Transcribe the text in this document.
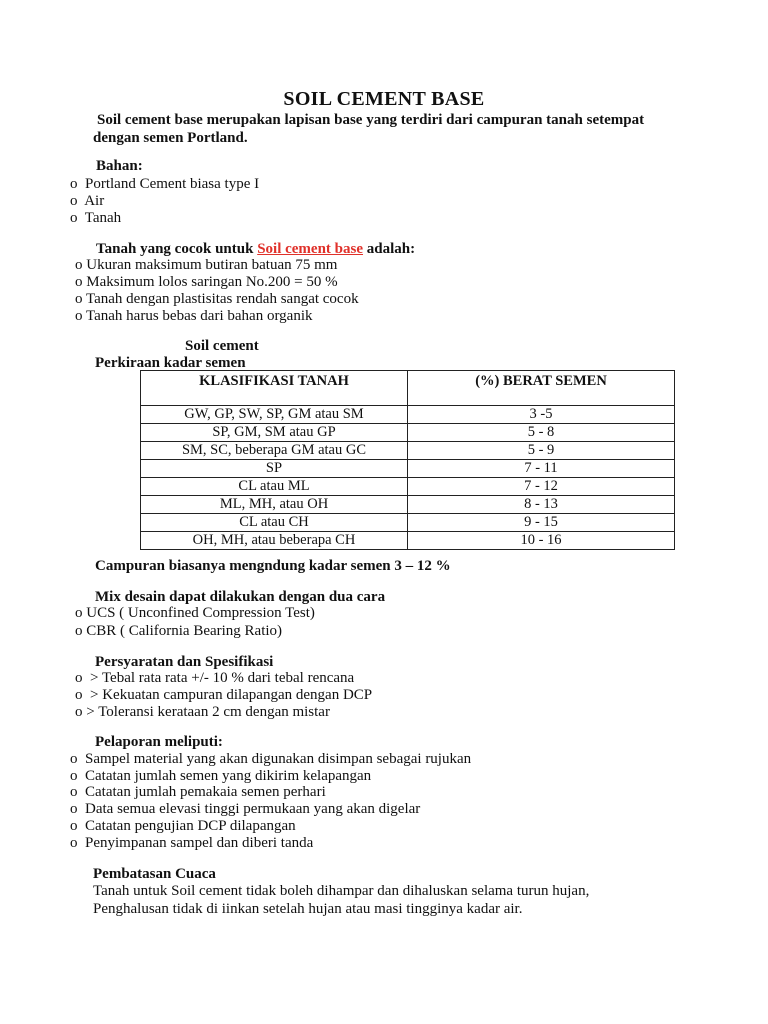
SOIL CEMENT BASE
Soil cement base merupakan lapisan base yang terdiri dari campuran tanah setempat
dengan semen Portland.
Bahan:
o Portland Cement biasa type I
o Air
o Tanah
Tanah yang cocok untuk Soil cement base adalah:
o Ukuran maksimum butiran batuan 75 mm
o Maksimum lolos saringan No.200 = 50 %
o Tanah dengan plastisitas rendah sangat cocok
o Tanah harus bebas dari bahan organik
Soil cement
Perkiraan kadar semen
KLASIFIKASI TANAH	(%) BERAT SEMEN
GW, GP, SW, SP, GM atau SM	3 -5
SP, GM, SM atau GP	5 - 8
SM, SC, beberapa GM atau GC	5 - 9
SP	7 - 11
CL atau ML	7 - 12
ML, MH, atau OH	8 - 13
CL atau CH	9 - 15
OH, MH, atau beberapa CH	10 - 16
Campuran biasanya mengndung kadar semen 3 – 12 %
Mix desain dapat dilakukan dengan dua cara
o UCS ( Unconfined Compression Test)
o CBR ( California Bearing Ratio)
Persyaratan dan Spesifikasi
o  > Tebal rata rata +/- 10 % dari tebal rencana
o  > Kekuatan campuran dilapangan dengan DCP
o > Toleransi kerataan 2 cm dengan mistar
Pelaporan meliputi:
o Sampel material yang akan digunakan disimpan sebagai rujukan
o Catatan jumlah semen yang dikirim kelapangan
o Catatan jumlah pemakaia semen perhari
o Data semua elevasi tinggi permukaan yang akan digelar
o Catatan pengujian DCP dilapangan
o Penyimpanan sampel dan diberi tanda
Pembatasan Cuaca
Tanah untuk Soil cement tidak boleh dihampar dan dihaluskan selama turun hujan,
Penghalusan tidak di iinkan setelah hujan atau masi tingginya kadar air.
